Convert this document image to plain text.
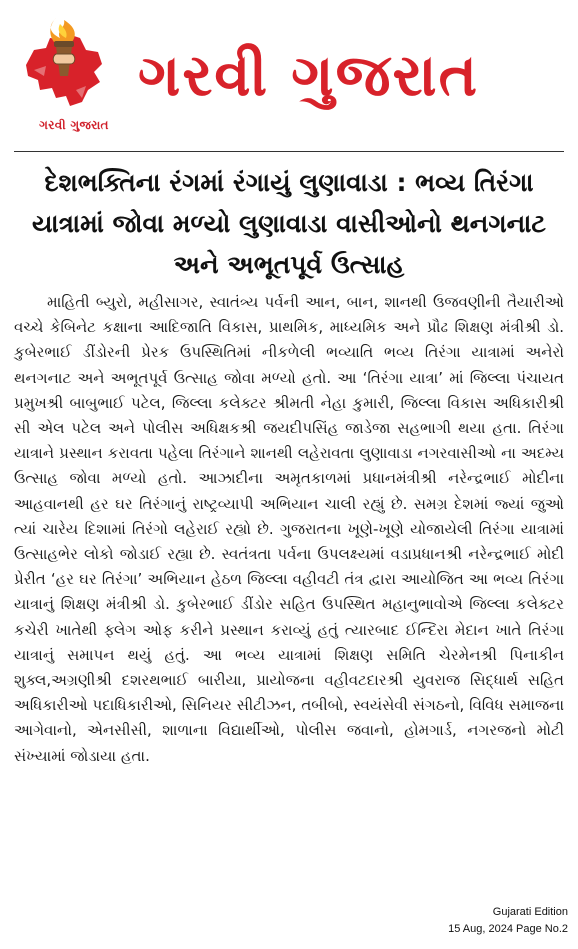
ગરવી ગુજરાત
ગરવી ગુજરાત
દેશભક્તિના રંગમાં રંગાયું લુણાવાડા : ભવ્ય તિરંગા યાત્રામાં જોવા મળ્યો લુણાવાડા વાસીઓનો થનગનાટ અને અભૂતપૂર્વ ઉત્સાહ

માહિતી બ્યુરો, મહીસાગર, સ્વાતંત્ર્ય પર્વની આન, બાન, શાનથી ઉજવણીની તૈયારીઓ વચ્ચે કેબિનેટ કક્ષાના આદિજાતિ વિકાસ, પ્રાથમિક, માધ્યમિક અને પ્રૌઢ શિક્ષણ મંત્રીશ્રી ડો. કુબેરભાઈ ડીંડોરની પ્રેરક ઉપસ્થિતિમાં નીકળેલી ભવ્યાતિ ભવ્ય તિરંગા યાત્રામાં અનેરો થનગનાટ અને અભૂતપૂર્વ ઉત્સાહ જોવા મળ્યો હતો. આ ‘તિરંગા યાત્રા’ માં જિલ્લા પંચાયત પ્રમુખશ્રી બાબુભાઈ પટેલ, જિલ્લા કલેક્ટર શ્રીમતી નેહા કુમારી, જિલ્લા વિકાસ અધિકારીશ્રી સી એલ પટેલ અને પોલીસ અધિક્ષકશ્રી જયદીપસિંહ જાડેજા સહભાગી થયા હતા. તિરંગા યાત્રાને પ્રસ્થાન કરાવતા પહેલા તિરંગાને શાનથી લહેરાવતા લુણાવાડા નગરવાસીઓ ના અદમ્ય ઉત્સાહ જોવા મળ્યો હતો. આઝાદીના અમૃતકાળમાં પ્રધાનમંત્રીશ્રી નરેન્દ્રભાઈ મોદીના આહવાનથી હર ઘર તિરંગાનું રાષ્ટ્રવ્યાપી અભિયાન ચાલી રહ્યું છે. સમગ્ર દેશમાં જ્યાં જુઓ ત્યાં ચારેય દિશામાં તિરંગો લહેરાઈ રહ્યો છે. ગુજરાતના ખૂણે-ખૂણે યોજાયેલી તિરંગા યાત્રામાં ઉત્સાહભેર લોકો જોડાઈ રહ્યા છે. સ્વતંત્રતા પર્વના ઉપલક્ષ્યમાં વડાપ્રધાનશ્રી નરેન્દ્રભાઈ મોદી પ્રેરીત ‘હર ઘર તિરંગા’ અભિયાન હેઠળ જિલ્લા વહીવટી તંત્ર દ્વારા આયોજિત આ ભવ્ય તિરંગા યાત્રાનું શિક્ષણ મંત્રીશ્રી ડો. કુબેરભાઈ ડીંડોર સહિત ઉપસ્થિત મહાનુભાવોએ જિલ્લા કલેક્ટર કચેરી ખાતેથી ફ્લેગ ઓફ કરીને પ્રસ્થાન કરાવ્યું હતું ત્યારબાદ ઈન્દિરા મેદાન ખાતે તિરંગા યાત્રાનું સમાપન થયું હતું. આ ભવ્ય યાત્રામાં શિક્ષણ સમિતિ ચેરમેનશ્રી પિનાકીન શુક્લ,અગ્રણીશ્રી દશરથભાઈ બારીયા, પ્રાયોજના વહીવટદારશ્રી યુવરાજ સિદ્ધાર્થ સહિત અધિકારીઓ પદાધિકારીઓ, સિનિયર સીટીઝન, તબીબો, સ્વયંસેવી સંગઠનો, વિવિધ સમાજના આગેવાનો, એનસીસી, શાળાના વિદ્યાર્થીઓ, પોલીસ જવાનો, હોમગાર્ડ, નગરજનો મોટી સંખ્યામાં જોડાયા હતા.

Gujarati Edition
15 Aug, 2024 Page No.2
